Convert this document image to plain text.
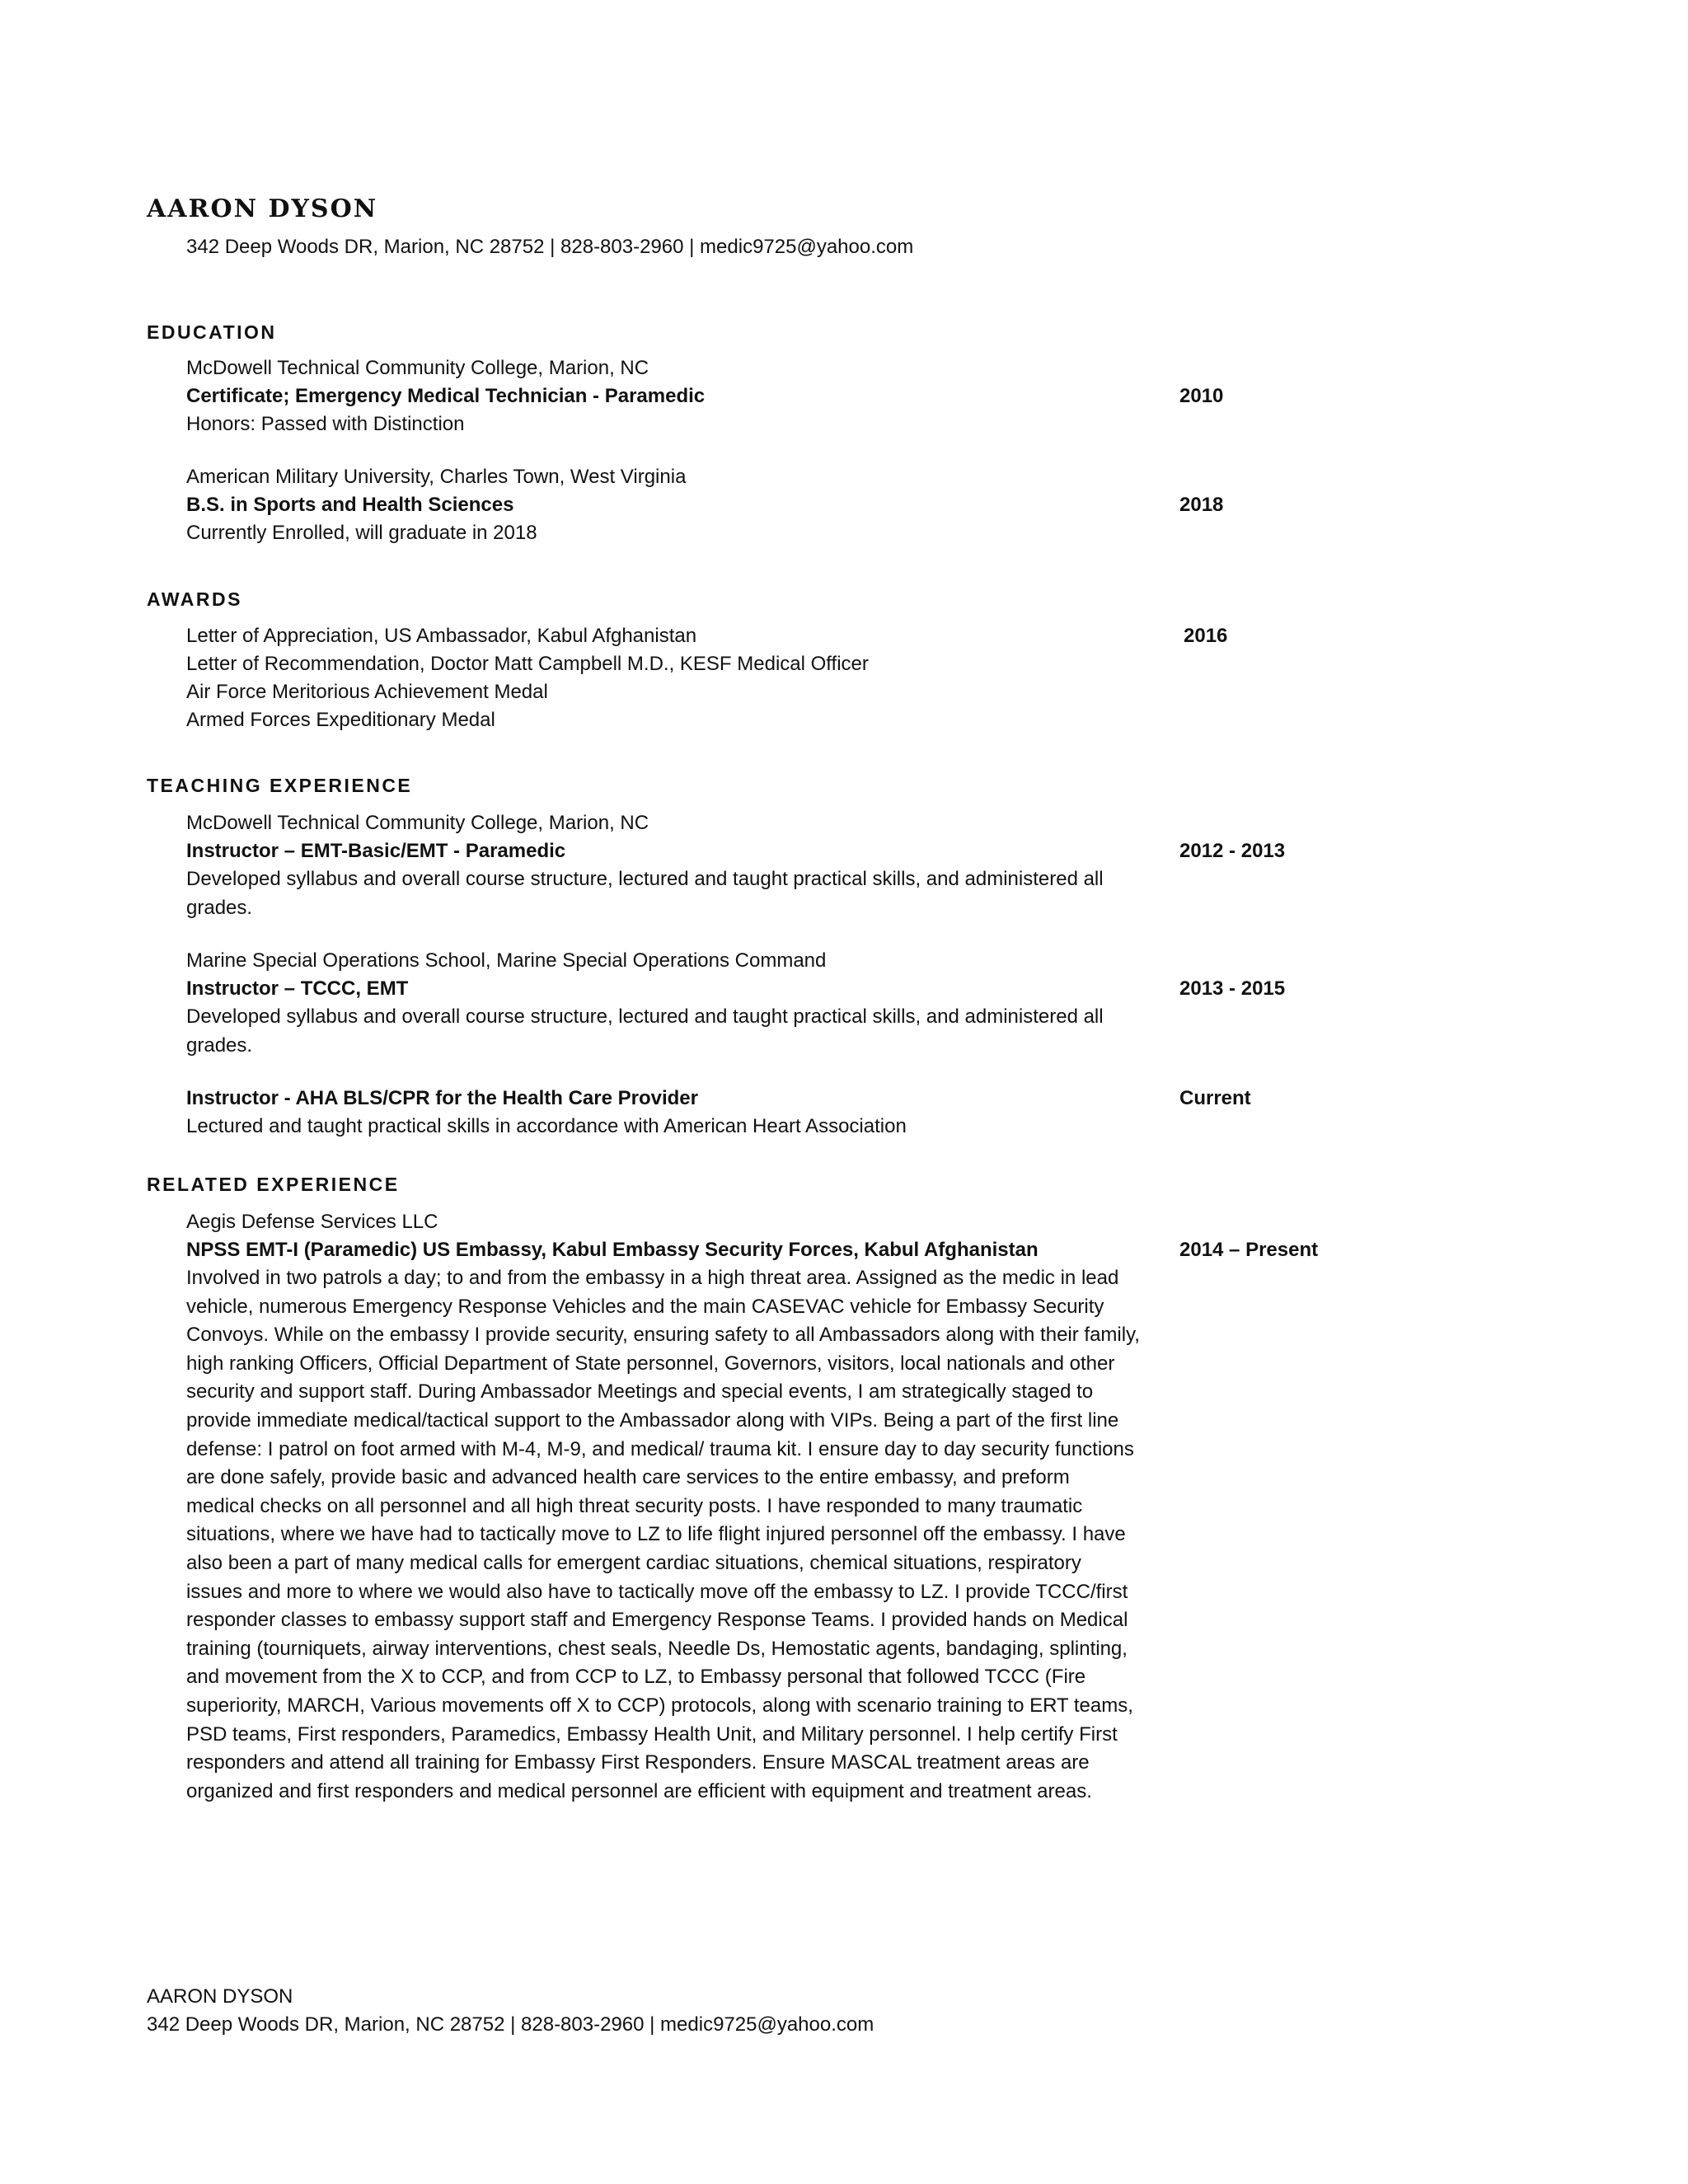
AARON DYSON

342 Deep Woods DR, Marion, NC 28752 | 828-803-2960 | medic9725@yahoo.com

EDUCATION
McDowell Technical Community College, Marion, NC
Certificate; Emergency Medical Technician - Paramedic	2010
Honors: Passed with Distinction
American Military University, Charles Town, West Virginia
B.S. in Sports and Health Sciences	2018
Currently Enrolled, will graduate in 2018
AWARDS
Letter of Appreciation, US Ambassador, Kabul Afghanistan	2016
Letter of Recommendation, Doctor Matt Campbell M.D., KESF Medical Officer
Air Force Meritorious Achievement Medal
Armed Forces Expeditionary Medal
TEACHING EXPERIENCE
McDowell Technical Community College, Marion, NC
Instructor – EMT-Basic/EMT - Paramedic	2012 - 2013
Developed syllabus and overall course structure, lectured and taught practical skills, and administered all grades.
Marine Special Operations School, Marine Special Operations Command
Instructor – TCCC, EMT	2013 - 2015
Developed syllabus and overall course structure, lectured and taught practical skills, and administered all grades.
Instructor - AHA BLS/CPR for the Health Care Provider	Current
Lectured and taught practical skills in accordance with American Heart Association
RELATED EXPERIENCE
Aegis Defense Services LLC
NPSS EMT-I (Paramedic) US Embassy, Kabul Embassy Security Forces, Kabul Afghanistan	2014 – Present
Involved in two patrols a day; to and from the embassy in a high threat area. Assigned as the medic in lead vehicle, numerous Emergency Response Vehicles and the main CASEVAC vehicle for Embassy Security Convoys. While on the embassy I provide security, ensuring safety to all Ambassadors along with their family, high ranking Officers, Official Department of State personnel, Governors, visitors, local nationals and other security and support staff. During Ambassador Meetings and special events, I am strategically staged to provide immediate medical/tactical support to the Ambassador along with VIPs. Being a part of the first line defense: I patrol on foot armed with M-4, M-9, and medical/ trauma kit. I ensure day to day security functions are done safely, provide basic and advanced health care services to the entire embassy, and preform medical checks on all personnel and all high threat security posts. I have responded to many traumatic situations, where we have had to tactically move to LZ to life flight injured personnel off the embassy. I have also been a part of many medical calls for emergent cardiac situations, chemical situations, respiratory issues and more to where we would also have to tactically move off the embassy to LZ. I provide TCCC/first responder classes to embassy support staff and Emergency Response Teams. I provided hands on Medical training (tourniquets, airway interventions, chest seals, Needle Ds, Hemostatic agents, bandaging, splinting, and movement from the X to CCP, and from CCP to LZ, to Embassy personal that followed TCCC (Fire superiority, MARCH, Various movements off X to CCP) protocols, along with scenario training to ERT teams, PSD teams, First responders, Paramedics, Embassy Health Unit, and Military personnel. I help certify First responders and attend all training for Embassy First Responders. Ensure MASCAL treatment areas are organized and first responders and medical personnel are efficient with equipment and treatment areas.
AARON DYSON
342 Deep Woods DR, Marion, NC 28752 | 828-803-2960 | medic9725@yahoo.com
